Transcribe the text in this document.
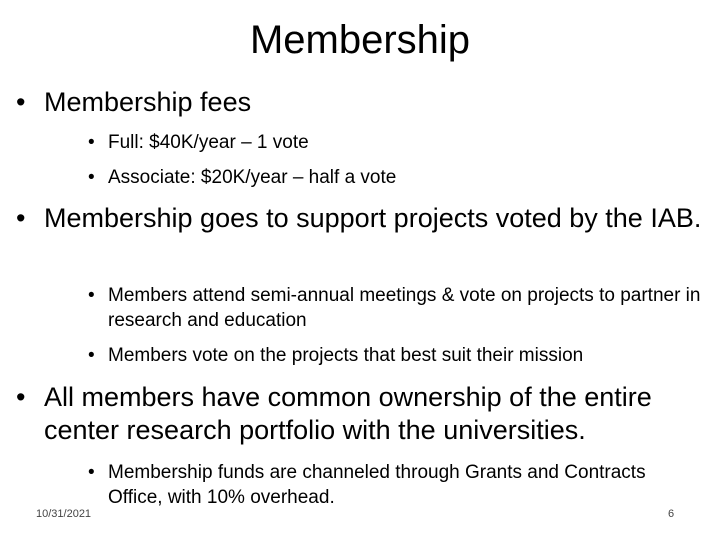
Membership
• Membership fees
• Full: $40K/year – 1 vote
• Associate: $20K/year – half a vote
• Membership goes to support projects voted by the IAB.
• Members attend semi-annual meetings & vote on projects to partner in research and education
• Members vote on the projects that best suit their mission
• All members have common ownership of the entire center research portfolio with the universities.
• Membership funds are channeled through Grants and Contracts Office, with 10% overhead.
10/31/2021	6
